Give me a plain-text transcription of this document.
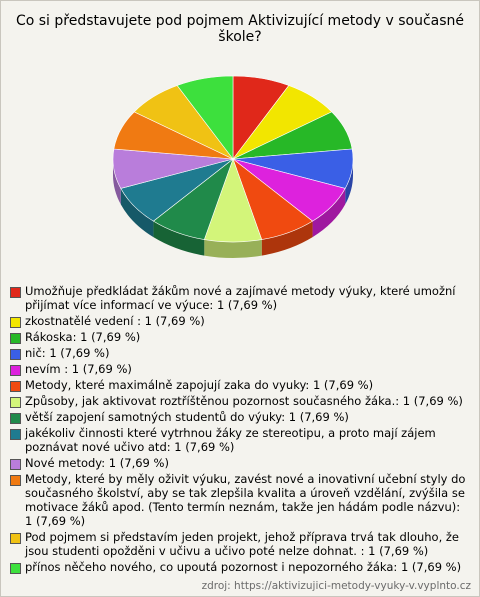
Co si představujete pod pojmem Aktivizující metody v současné škole?
Umožňuje předkládat žákům nové a zajímavé metody výuky, které umožní přijímat více informací ve výuce: 1 (7,69 %)
zkostnatělé vedení : 1 (7,69 %)
Rákoska: 1 (7,69 %)
nič: 1 (7,69 %)
nevím : 1 (7,69 %)
Metody, které maximálně zapojují zaka do vyuky: 1 (7,69 %)
Způsoby, jak aktivovat roztříštěnou pozornost současného žáka.: 1 (7,69 %)
větší zapojení samotných studentů do výuky: 1 (7,69 %)
jakékoliv činnosti které vytrhnou žáky ze stereotipu, a proto mají zájem poznávat nové učivo atd: 1 (7,69 %)
Nové metody: 1 (7,69 %)
Metody, které by měly oživit výuku, zavést nové a inovativní učební styly do současného školství, aby se tak zlepšila kvalita a úroveň vzdělání, zvýšila se motivace žáků apod. (Tento termín neznám, takže jen hádám podle názvu): 1 (7,69 %)
Pod pojmem si představím jeden projekt, jehož příprava trvá tak dlouho, že jsou studenti opožděni v učivu a učivo poté nelze dohnat. : 1 (7,69 %)
přínos něčeho nového, co upoutá pozornost i nepozorného žáka: 1 (7,69 %)
zdroj: https://aktivizujici-metody-vyuky-v.vyplnto.cz
